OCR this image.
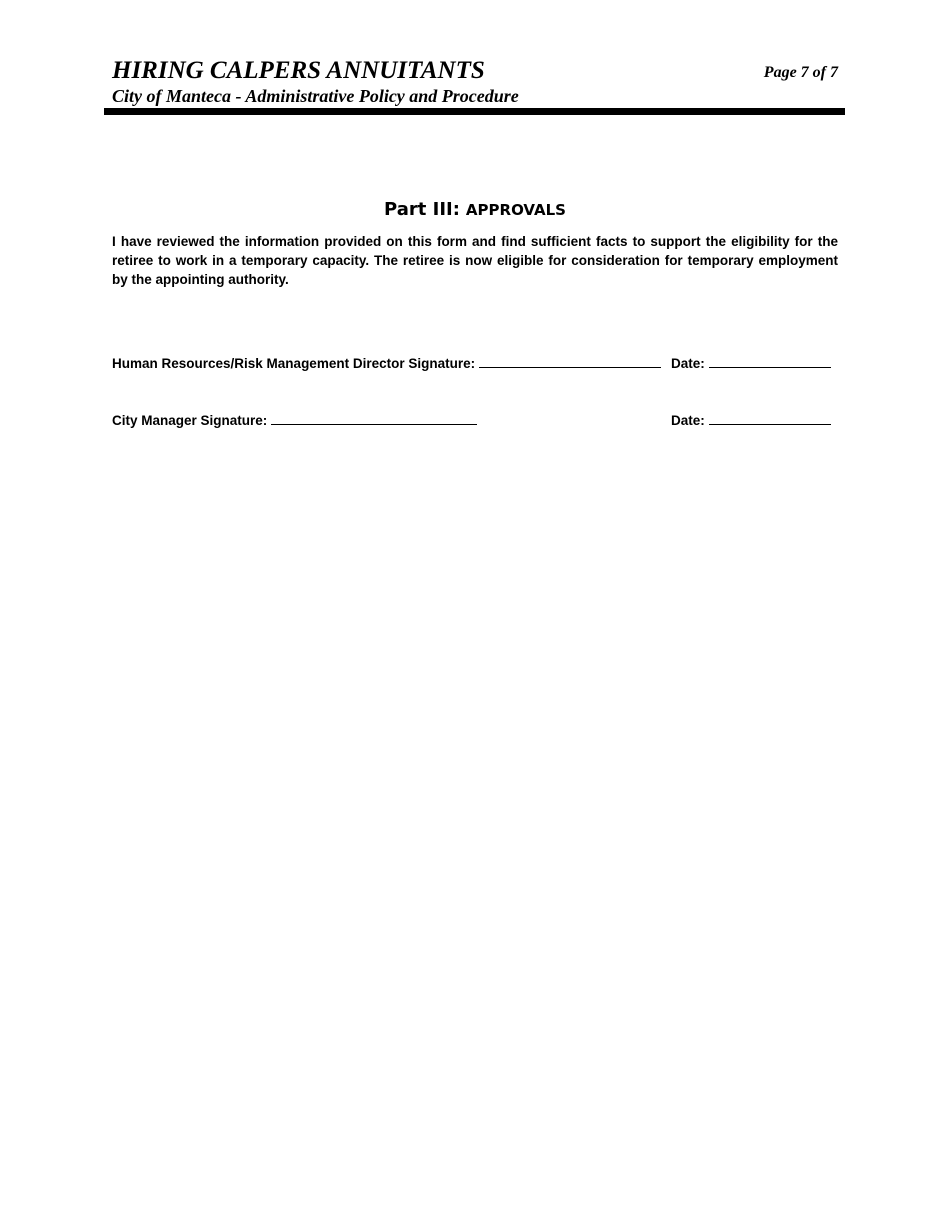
HIRING CALPERS ANNUITANTS
City of Manteca - Administrative Policy and Procedure
Page 7 of 7
Part III: APPROVALS

I have reviewed the information provided on this form and find sufficient facts to support the eligibility for the retiree to work in a temporary capacity. The retiree is now eligible for consideration for temporary employment by the appointing authority.

Human Resources/Risk Management Director Signature:	Date:
City Manager Signature:	Date:
